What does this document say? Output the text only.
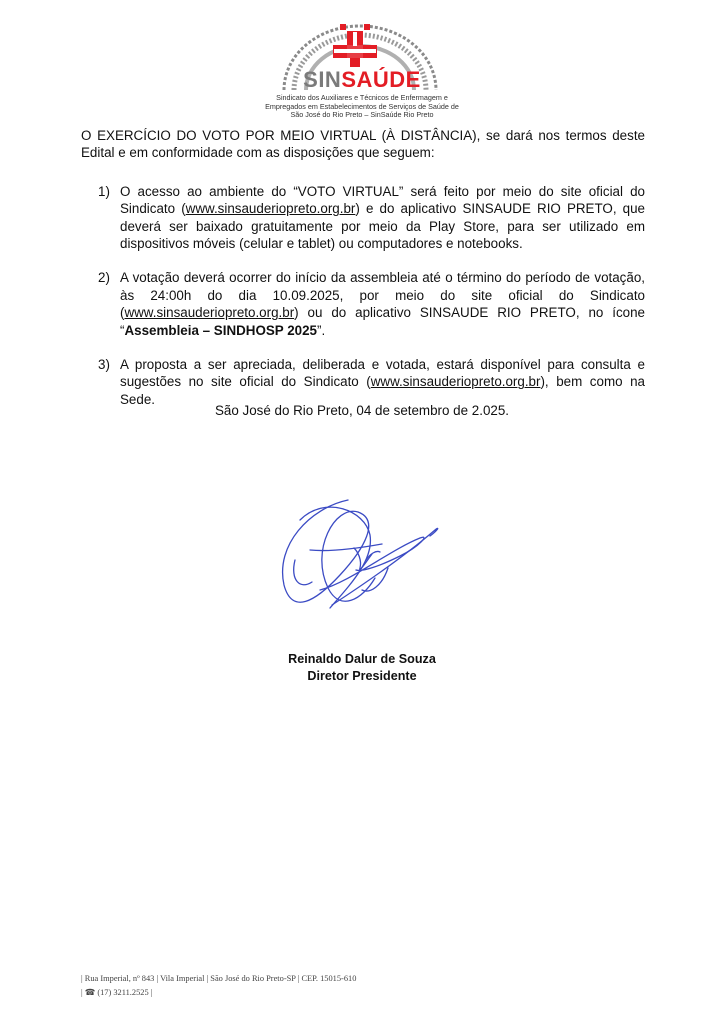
SINSAÚDE
Sindicato dos Auxiliares e Técnicos de Enfermagem e
Empregados em Estabelecimentos de Serviços de Saúde de
São José do Rio Preto – SinSaúde Rio Preto

O EXERCÍCIO DO VOTO POR MEIO VIRTUAL (À DISTÂNCIA), se dará nos termos deste Edital e em conformidade com as disposições que seguem:

1) O acesso ao ambiente do “VOTO VIRTUAL” será feito por meio do site oficial do Sindicato (www.sinsauderiopreto.org.br) e do aplicativo SINSAUDE RIO PRETO, que deverá ser baixado gratuitamente por meio da Play Store, para ser utilizado em dispositivos móveis (celular e tablet) ou computadores e notebooks.
2) A votação deverá ocorrer do início da assembleia até o término do período de votação, às 24:00h do dia 10.09.2025, por meio do site oficial do Sindicato (www.sinsauderiopreto.org.br) ou do aplicativo SINSAUDE RIO PRETO, no ícone “Assembleia – SINDHOSP 2025”.
3) A proposta a ser apreciada, deliberada e votada, estará disponível para consulta e sugestões no site oficial do Sindicato (www.sinsauderiopreto.org.br), bem como na Sede.
São José do Rio Preto, 04 de setembro de 2.025.
Reinaldo Dalur de Souza
Diretor Presidente
| Rua Imperial, nº 843 | Vila Imperial | São José do Rio Preto-SP | CEP. 15015-610
| ☎ (17) 3211.2525 |
